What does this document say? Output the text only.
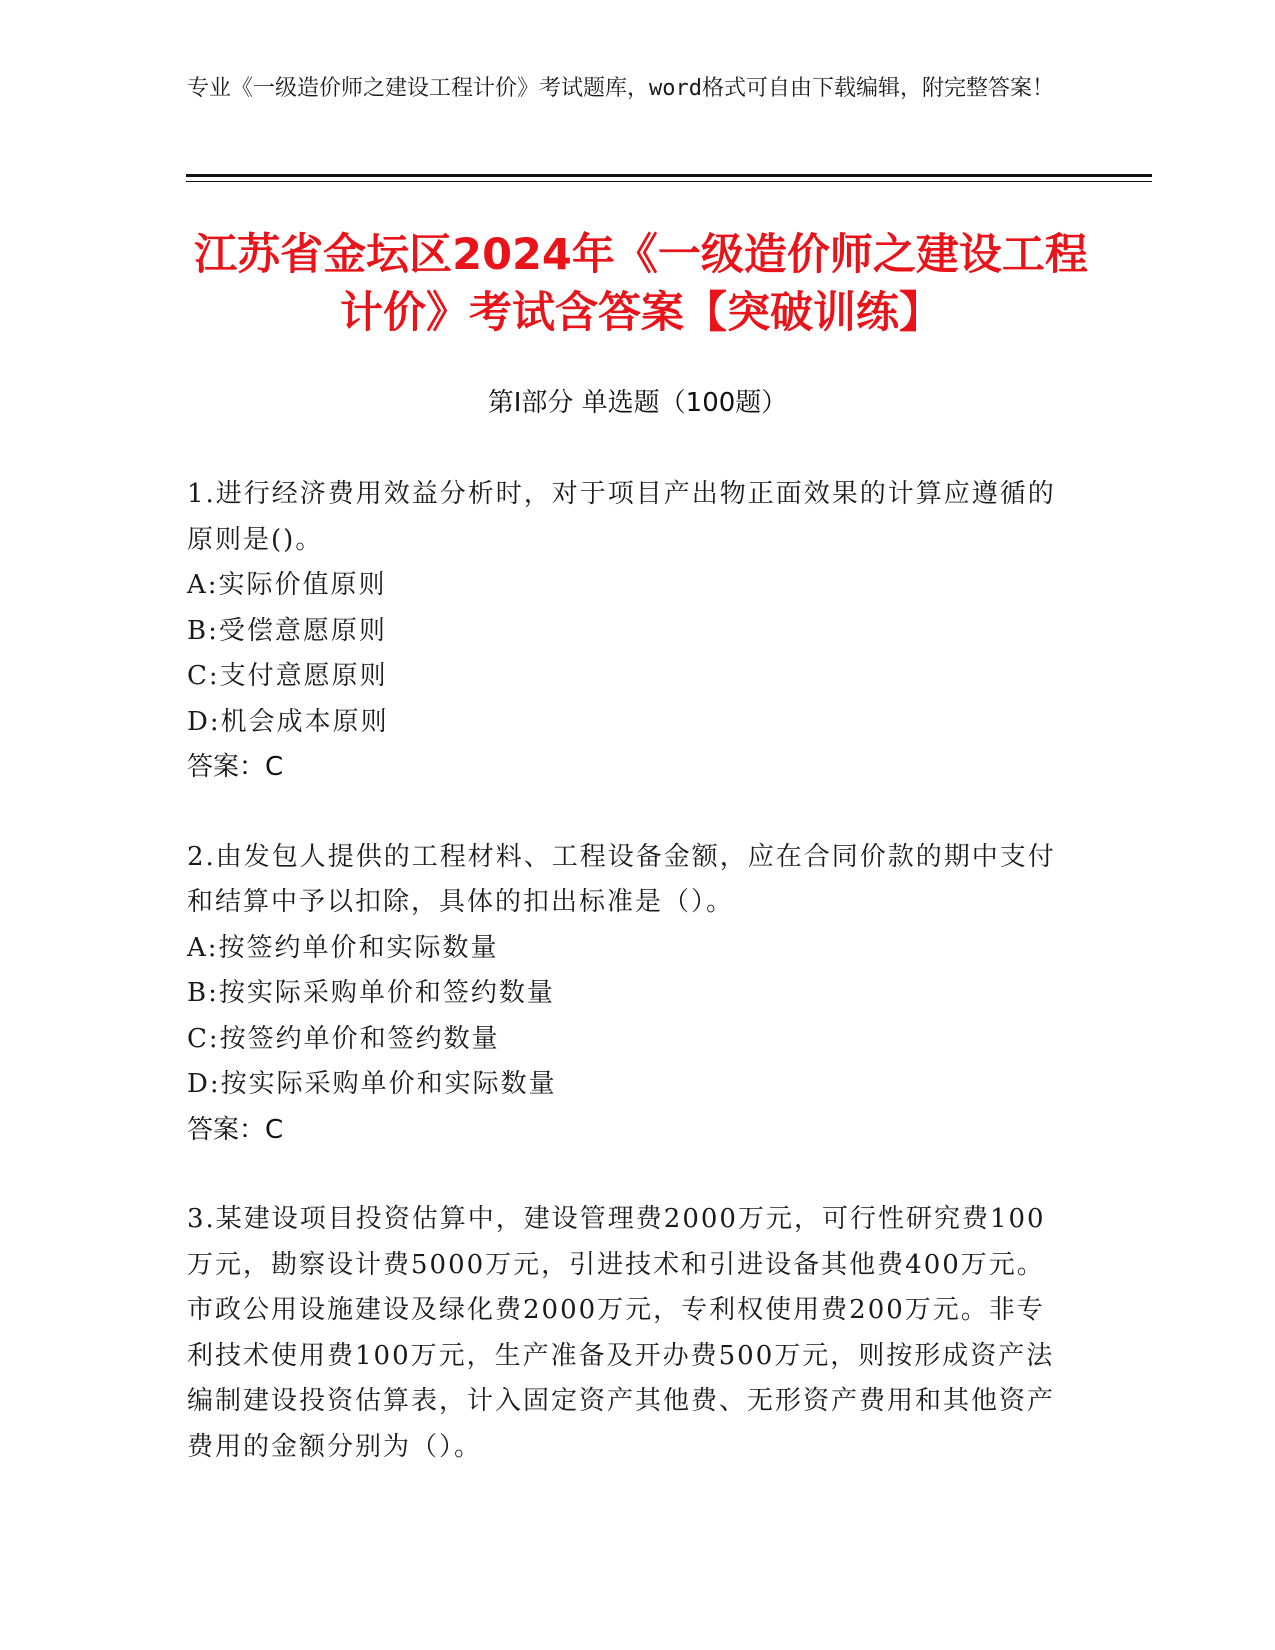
专业《一级造价师之建设工程计价》考试题库，word格式可自由下载编辑，附完整答案！
江苏省金坛区2024年《一级造价师之建设工程计价》考试含答案【突破训练】
第I部分 单选题（100题）
1.进行经济费用效益分析时，对于项目产出物正面效果的计算应遵循的原则是()。
A:实际价值原则
B:受偿意愿原则
C:支付意愿原则
D:机会成本原则
答案：C
2.由发包人提供的工程材料、工程设备金额，应在合同价款的期中支付和结算中予以扣除，具体的扣出标准是（）。
A:按签约单价和实际数量
B:按实际采购单价和签约数量
C:按签约单价和签约数量
D:按实际采购单价和实际数量
答案：C
3.某建设项目投资估算中，建设管理费2000万元，可行性研究费100万元，勘察设计费5000万元，引进技术和引进设备其他费400万元。市政公用设施建设及绿化费2000万元，专利权使用费200万元。非专利技术使用费100万元，生产准备及开办费500万元，则按形成资产法编制建设投资估算表，计入固定资产其他费、无形资产费用和其他资产费用的金额分别为（）。
